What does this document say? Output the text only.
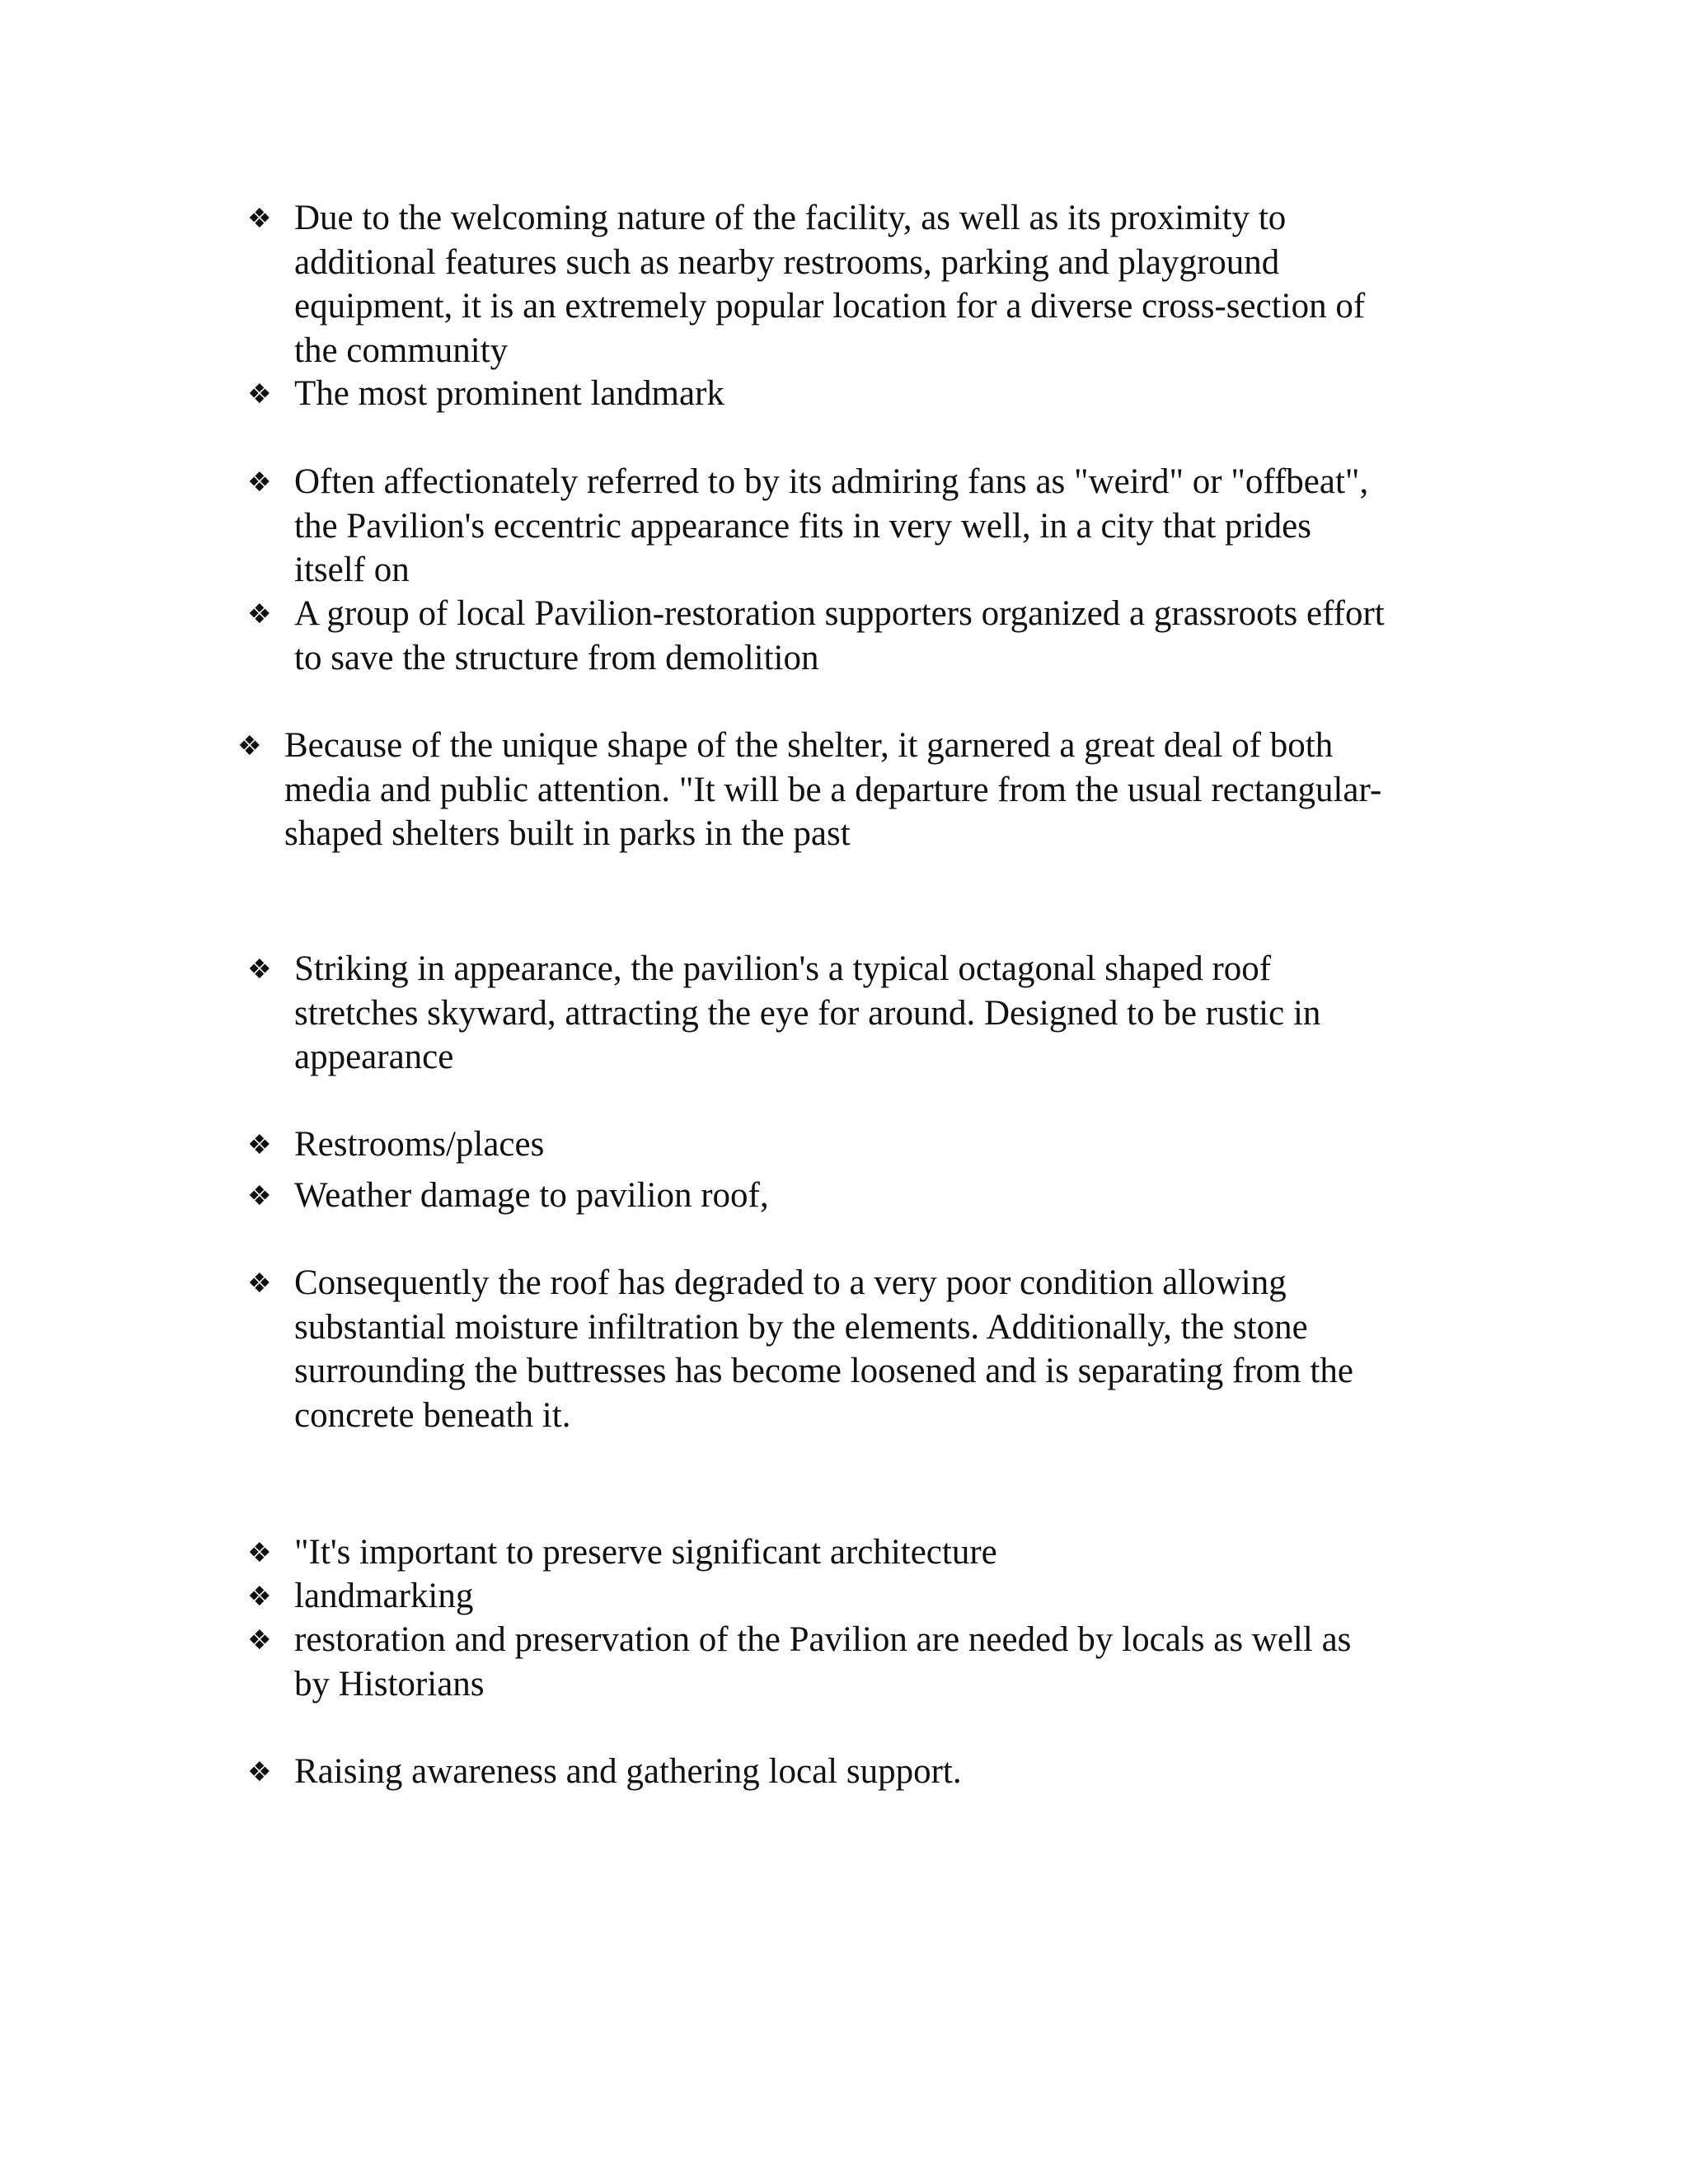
❖ Due to the welcoming nature of the facility, as well as its proximity to
additional features such as nearby restrooms, parking and playground
equipment, it is an extremely popular location for a diverse cross-section of
the community
❖ The most prominent landmark
❖ Often affectionately referred to by its admiring fans as "weird" or "offbeat",
the Pavilion's eccentric appearance fits in very well, in a city that prides
itself on
❖ A group of local Pavilion-restoration supporters organized a grassroots effort
to save the structure from demolition
❖ Because of the unique shape of the shelter, it garnered a great deal of both
media and public attention. "It will be a departure from the usual rectangular-
shaped shelters built in parks in the past
❖ Striking in appearance, the pavilion's a typical octagonal shaped roof
stretches skyward, attracting the eye for around. Designed to be rustic in
appearance
❖ Restrooms/places
❖ Weather damage to pavilion roof,
❖ Consequently the roof has degraded to a very poor condition allowing
substantial moisture infiltration by the elements. Additionally, the stone
surrounding the buttresses has become loosened and is separating from the
concrete beneath it.
❖ "It's important to preserve significant architecture
❖ landmarking
❖ restoration and preservation of the Pavilion are needed by locals as well as
by Historians
❖ Raising awareness and gathering local support.
